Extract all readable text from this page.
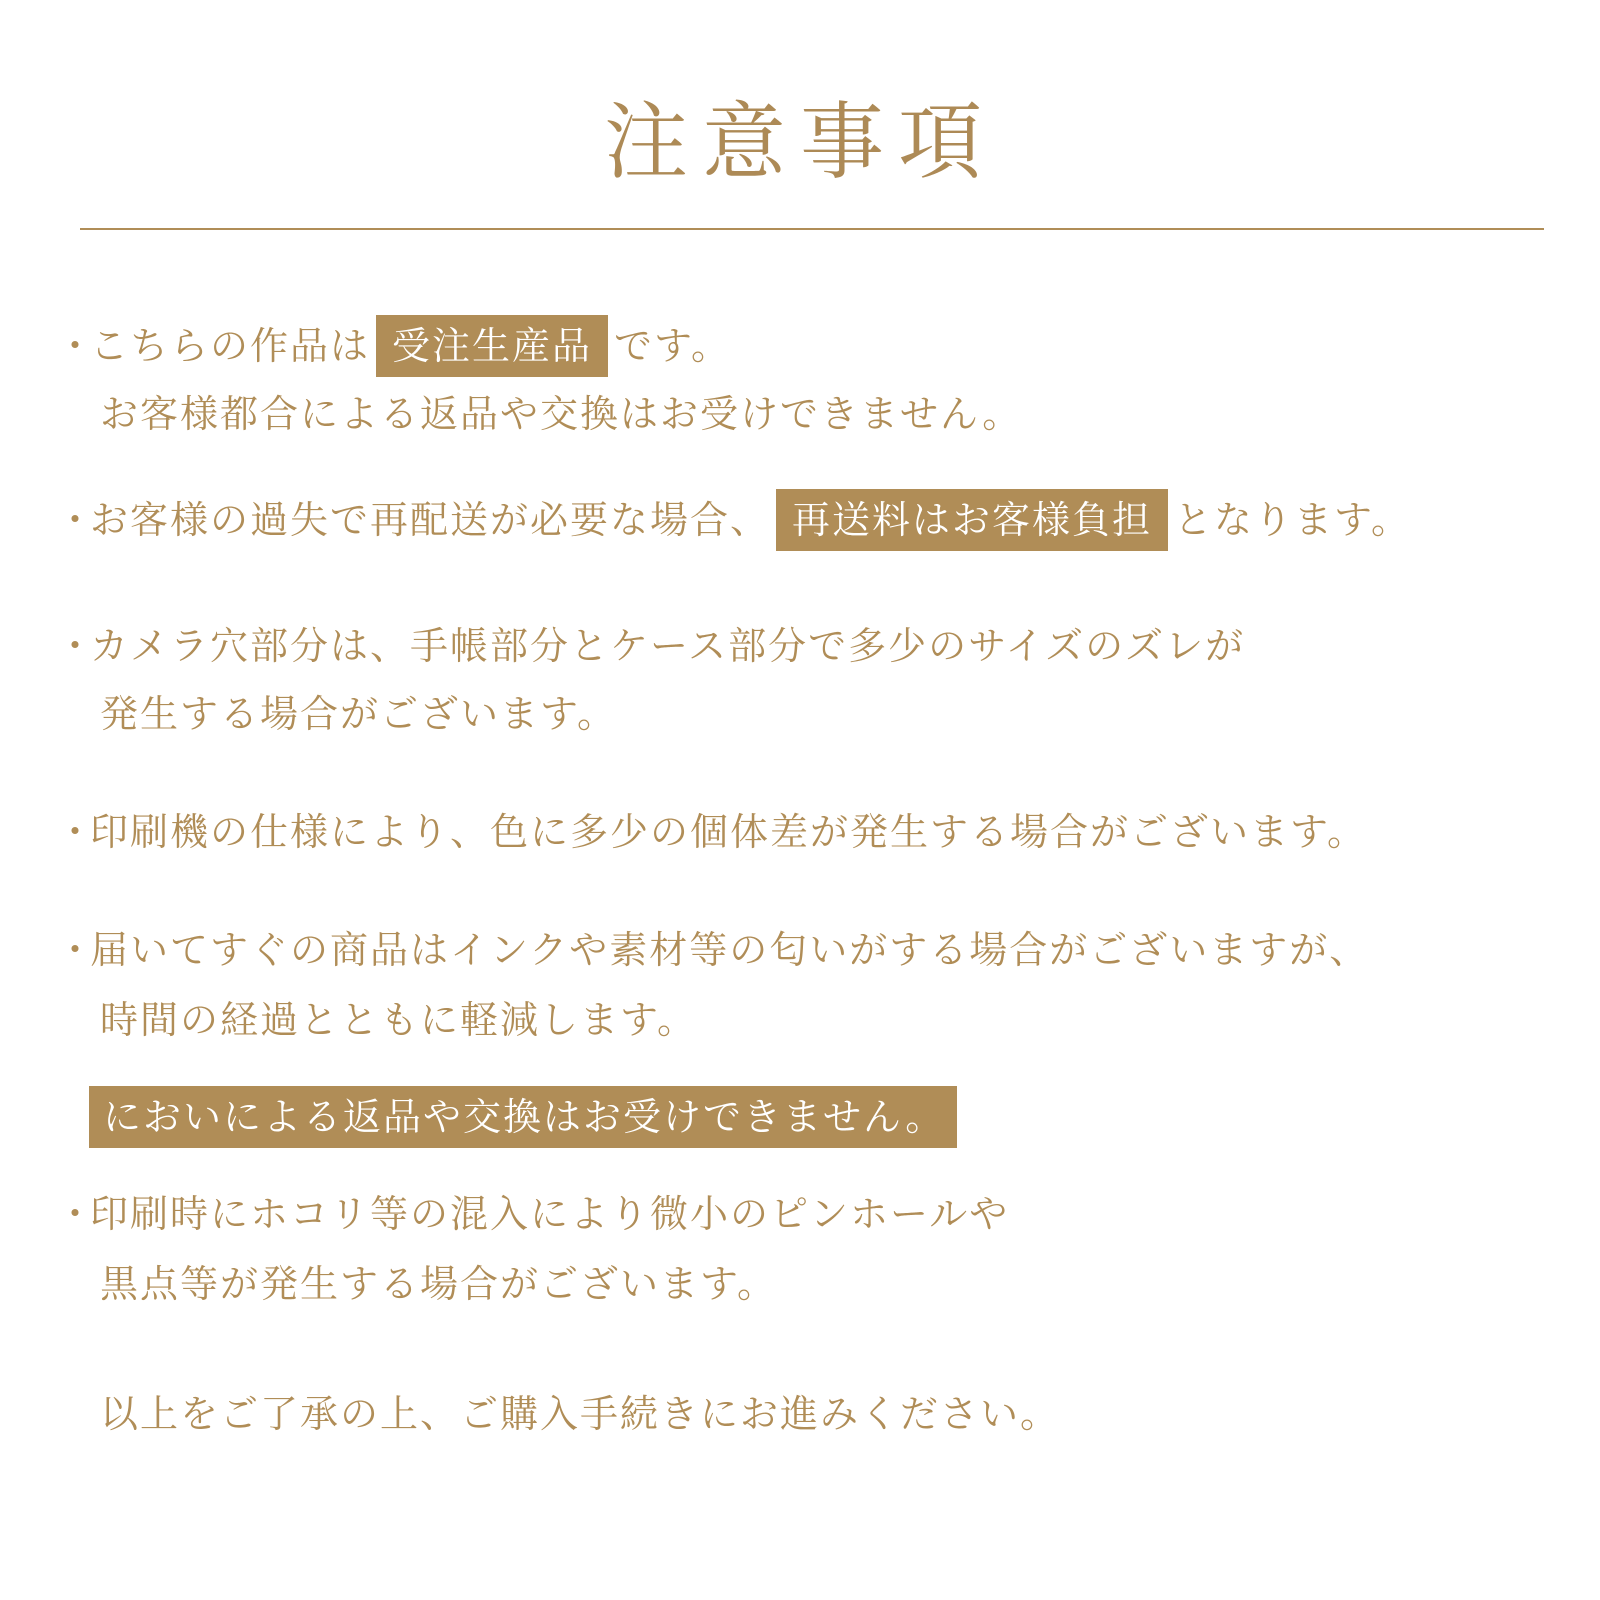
注意事項
・こちらの作品は 受注生産品 です。
お客様都合による返品や交換はお受けできません。
・お客様の過失で再配送が必要な場合、 再送料はお客様負担 となります。
・カメラ穴部分は、手帳部分とケース部分で多少のサイズのズレが
発生する場合がございます。
・印刷機の仕様により、色に多少の個体差が発生する場合がございます。
・届いてすぐの商品はインクや素材等の匂いがする場合がございますが、
時間の経過とともに軽減します。
においによる返品や交換はお受けできません。
・印刷時にホコリ等の混入により微小のピンホールや
黒点等が発生する場合がございます。
以上をご了承の上、ご購入手続きにお進みください。
